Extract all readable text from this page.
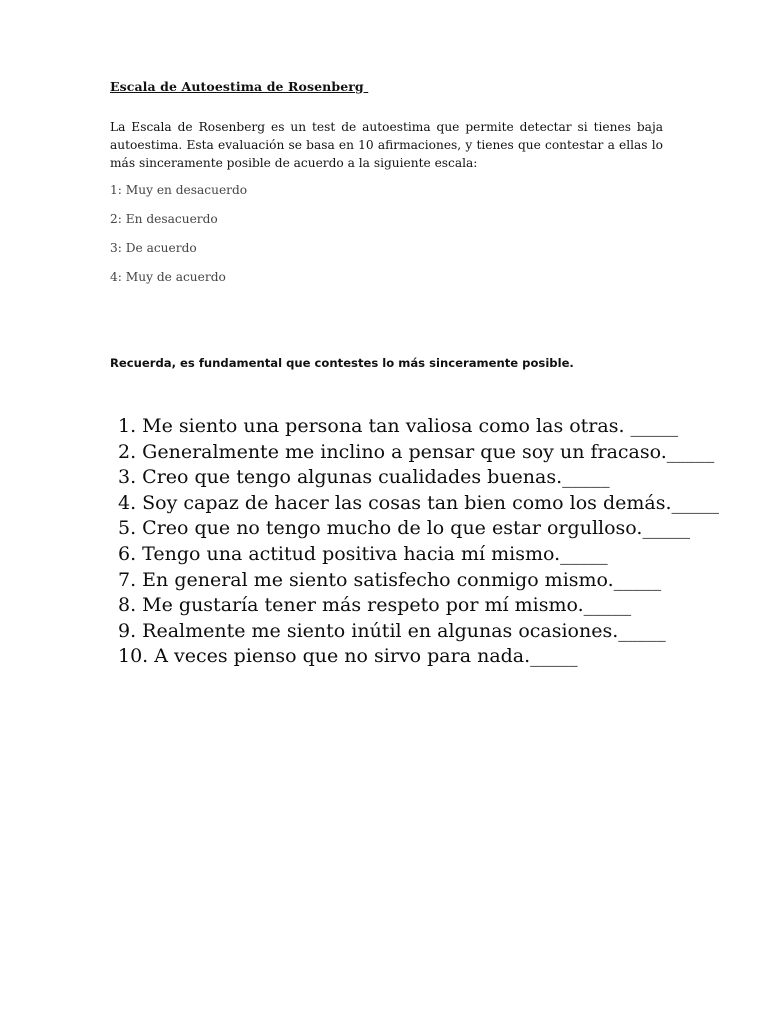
Escala de Autoestima de Rosenberg
La Escala de Rosenberg es un test de autoestima que permite detectar si tienes baja autoestima. Esta evaluación se basa en 10 afirmaciones, y tienes que contestar a ellas lo más sinceramente posible de acuerdo a la siguiente escala:
1: Muy en desacuerdo
2: En desacuerdo
3: De acuerdo
4: Muy de acuerdo
Recuerda, es fundamental que contestes lo más sinceramente posible.
1. Me siento una persona tan valiosa como las otras. _____
2. Generalmente me inclino a pensar que soy un fracaso._____
3. Creo que tengo algunas cualidades buenas._____
4. Soy capaz de hacer las cosas tan bien como los demás._____
5. Creo que no tengo mucho de lo que estar orgulloso._____
6. Tengo una actitud positiva hacia mí mismo._____
7. En general me siento satisfecho conmigo mismo._____
8. Me gustaría tener más respeto por mí mismo._____
9. Realmente me siento inútil en algunas ocasiones._____
10. A veces pienso que no sirvo para nada._____
